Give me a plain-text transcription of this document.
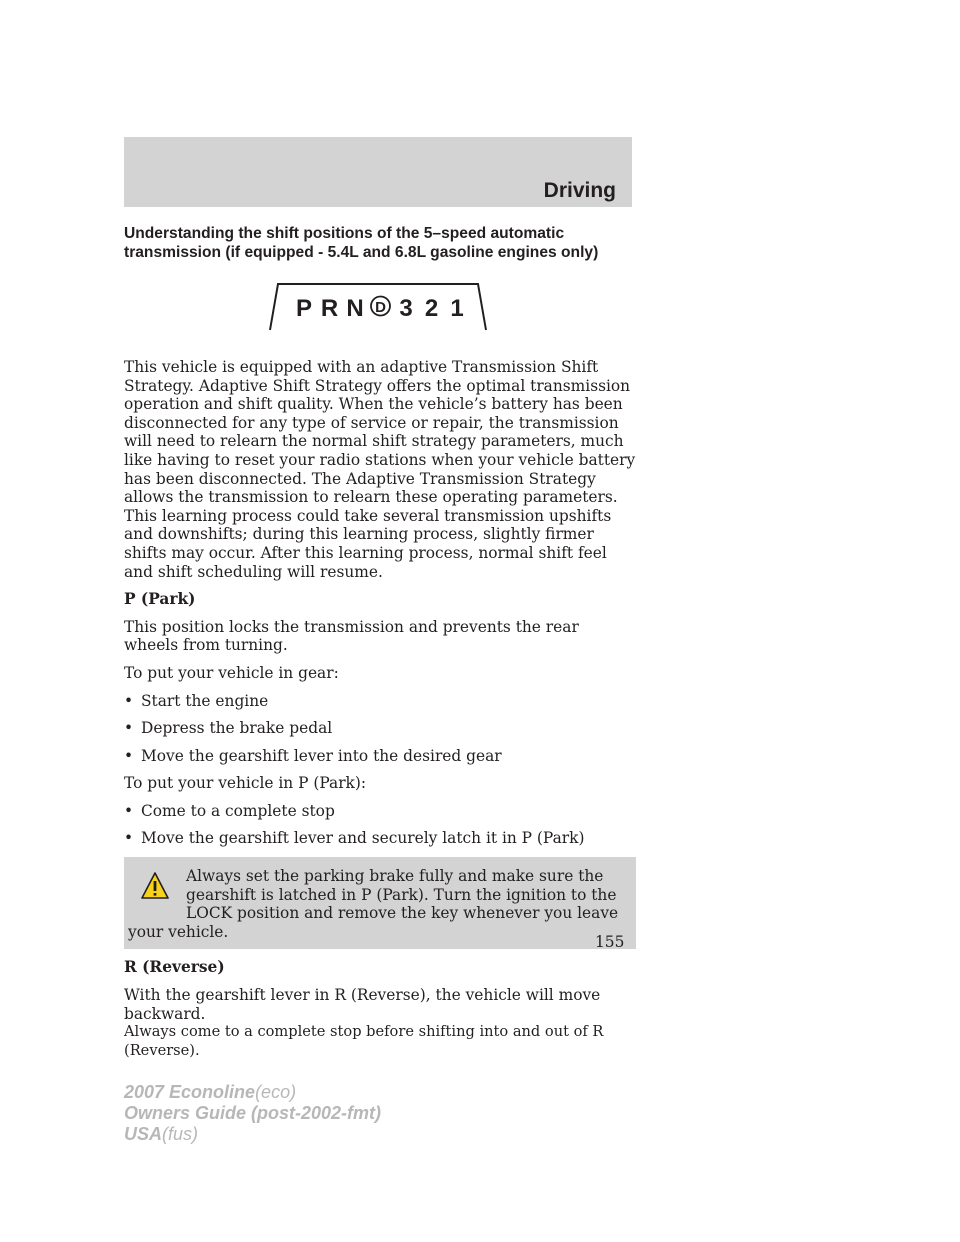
Driving
Understanding the shift positions of the 5–speed automatic transmission (if equipped - 5.4L and 6.8L gasoline engines only)
P R N D 3 2 1

This vehicle is equipped with an adaptive Transmission Shift Strategy. Adaptive Shift Strategy offers the optimal transmission operation and shift quality. When the vehicle’s battery has been disconnected for any type of service or repair, the transmission will need to relearn the normal shift strategy parameters, much like having to reset your radio stations when your vehicle battery has been disconnected. The Adaptive Transmission Strategy allows the transmission to relearn these operating parameters. This learning process could take several transmission upshifts and downshifts; during this learning process, slightly firmer shifts may occur. After this learning process, normal shift feel and shift scheduling will resume.

P (Park)

This position locks the transmission and prevents the rear wheels from turning.

To put your vehicle in gear:

• Start the engine
• Depress the brake pedal
• Move the gearshift lever into the desired gear

To put your vehicle in P (Park):

• Come to a complete stop
• Move the gearshift lever and securely latch it in P (Park)
Always set the parking brake fully and make sure the gearshift is latched in P (Park). Turn the ignition to the LOCK position and remove the key whenever you leave your vehicle.
R (Reverse)

With the gearshift lever in R (Reverse), the vehicle will move backward.

Always come to a complete stop before shifting into and out of R (Reverse).

155
2007 Econoline(eco)
Owners Guide (post-2002-fmt)
USA(fus)
